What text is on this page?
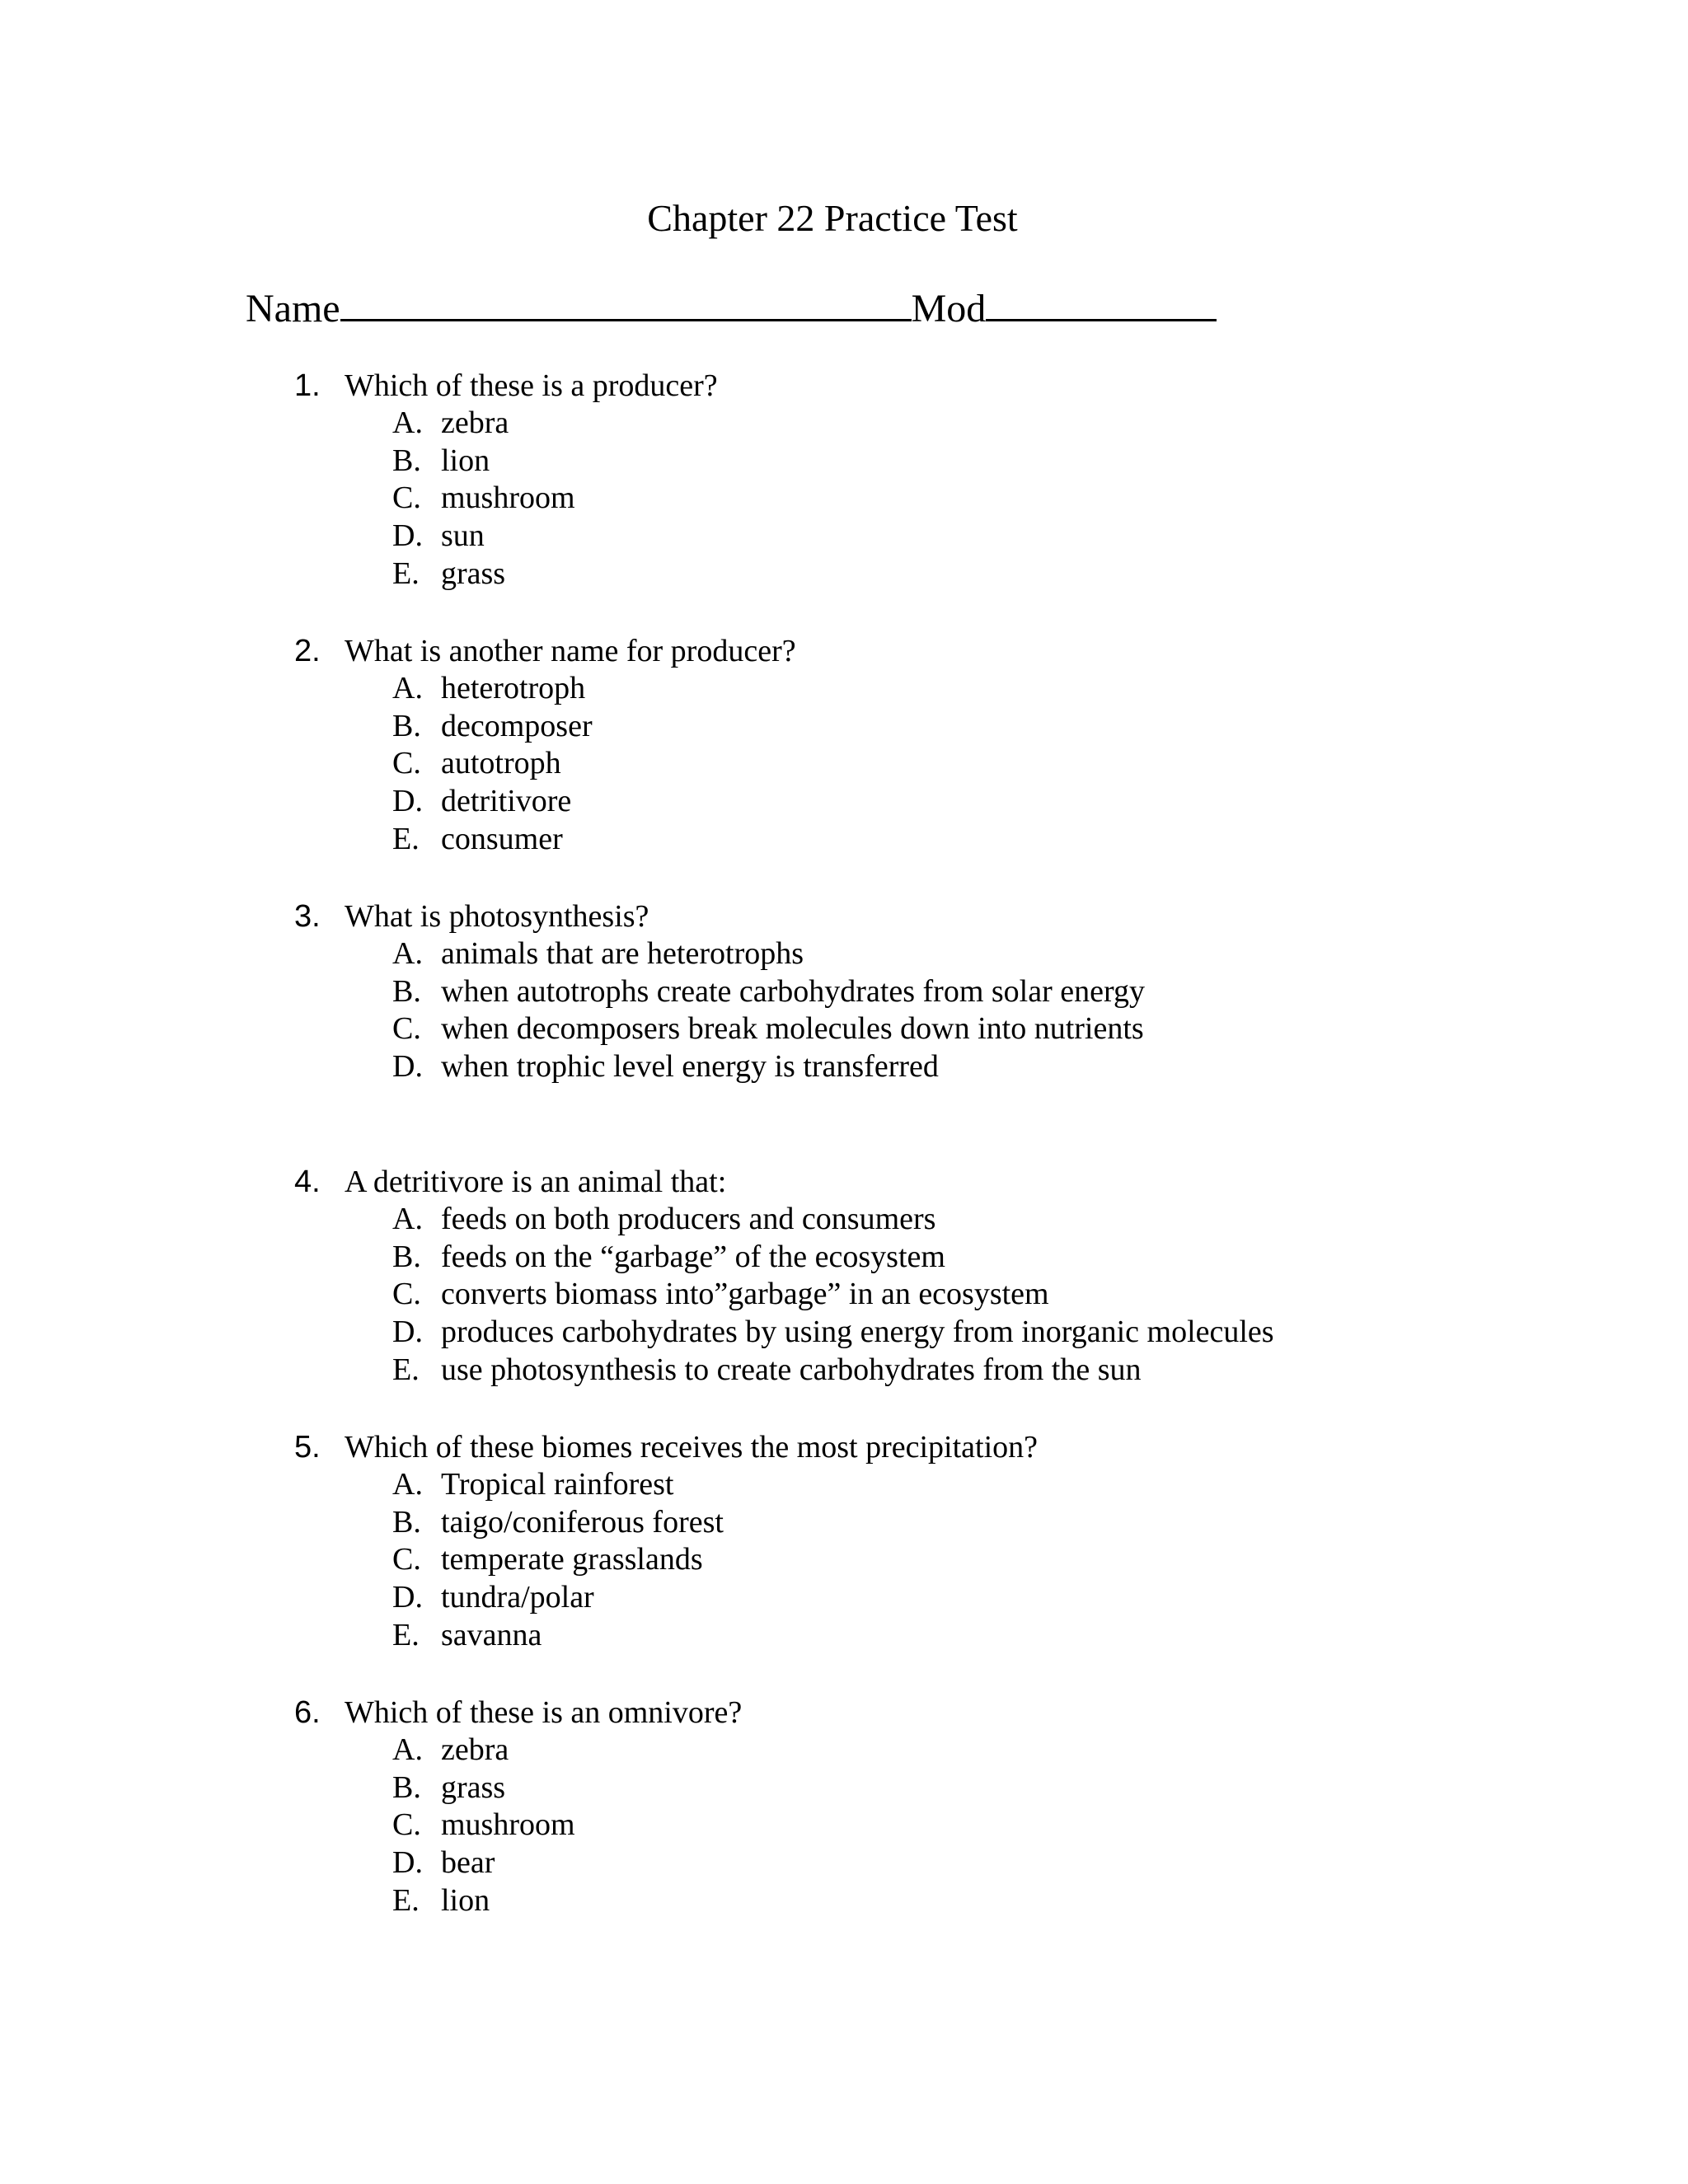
Chapter 22 Practice Test
Name	Mod
1. Which of these is a producer?
A. zebra
B. lion
C. mushroom
D. sun
E. grass
2. What is another name for producer?
A. heterotroph
B. decomposer
C. autotroph
D. detritivore
E. consumer
3. What is photosynthesis?
A. animals that are heterotrophs
B. when autotrophs create carbohydrates from solar energy
C. when decomposers break molecules down into nutrients
D. when trophic level energy is transferred
4. A detritivore is an animal that:
A. feeds on both producers and consumers
B. feeds on the “garbage” of the ecosystem
C. converts biomass into”garbage” in an ecosystem
D. produces carbohydrates by using energy from inorganic molecules
E. use photosynthesis to create carbohydrates from the sun
5. Which of these biomes receives the most precipitation?
A. Tropical rainforest
B. taigo/coniferous forest
C. temperate grasslands
D. tundra/polar
E. savanna
6. Which of these is an omnivore?
A. zebra
B. grass
C. mushroom
D. bear
E. lion
